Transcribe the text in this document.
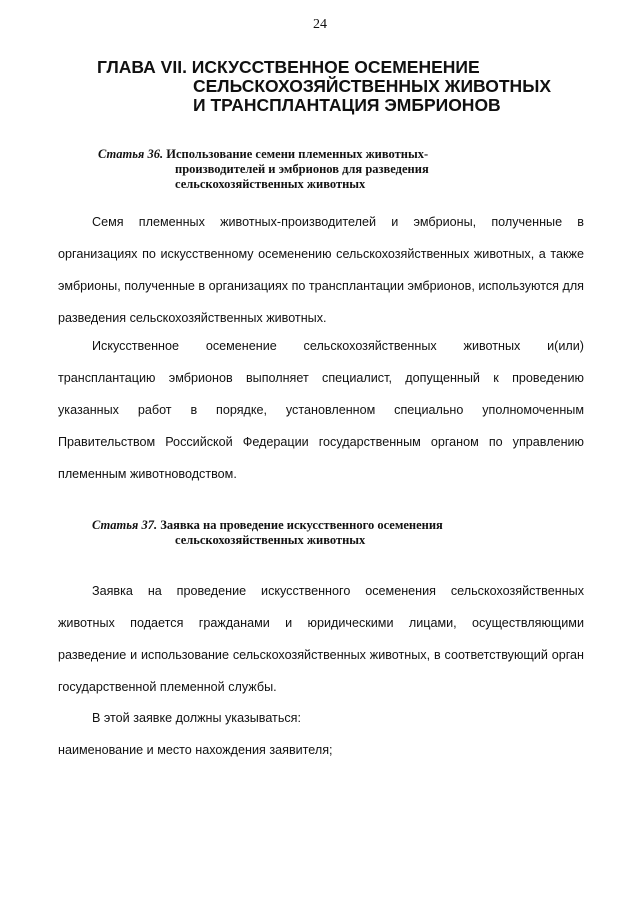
24
ГЛАВА VII. ИСКУССТВЕННОЕ ОСЕМЕНЕНИЕ
СЕЛЬСКОХОЗЯЙСТВЕННЫХ ЖИВОТНЫХ
И ТРАНСПЛАНТАЦИЯ ЭМБРИОНОВ
Статья 36. Использование семени племенных животных-
производителей и эмбрионов для разведения
сельскохозяйственных животных

Семя племенных животных-производителей и эмбрионы, полученные в организациях по искусственному осеменению сельскохозяйственных животных, а также эмбрионы, полученные в организациях по трансплантации эмбрионов, используются для разведения сельскохозяйственных животных.

Искусственное осеменение сельскохозяйственных животных и(или) трансплантацию эмбрионов выполняет специалист, допущенный к проведению указанных работ в порядке, установленном специально уполномоченным Правительством Российской Федерации государственным органом по управлению племенным животноводством.

Статья 37. Заявка на проведение искусственного осеменения
сельскохозяйственных животных

Заявка на проведение искусственного осеменения сельскохозяйственных животных подается гражданами и юридическими лицами, осуществляющими разведение и использование сельскохозяйственных животных, в соответствующий орган государственной племенной службы.

В этой заявке должны указываться:

наименование и место нахождения заявителя;
